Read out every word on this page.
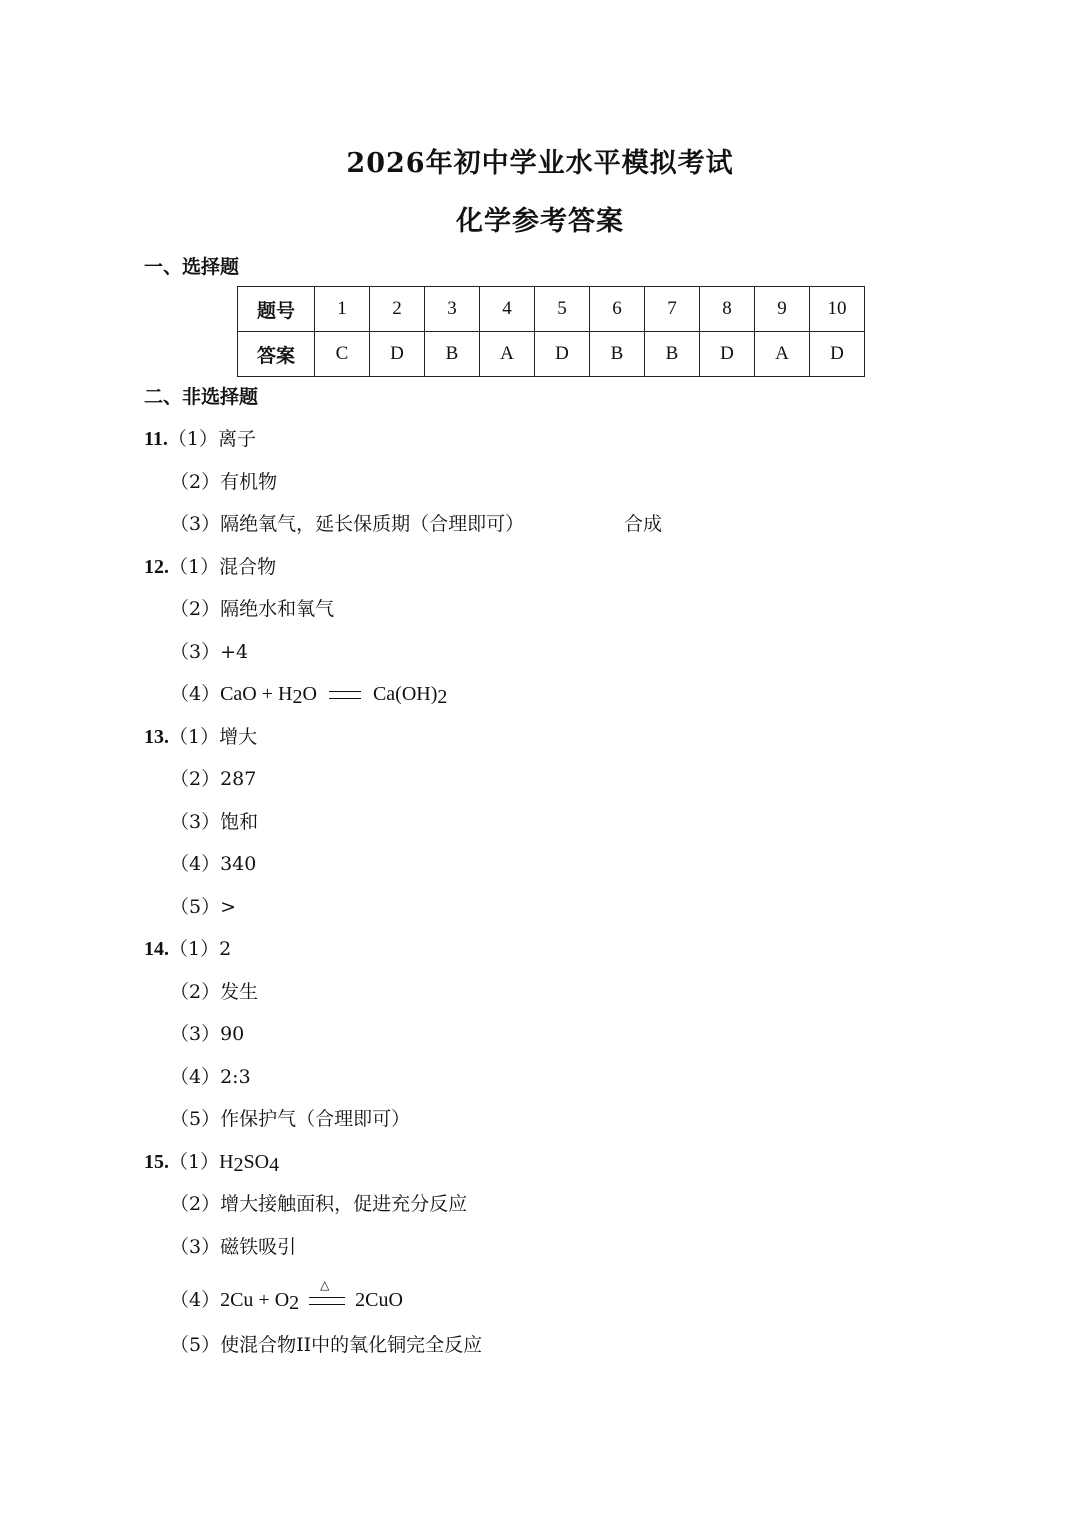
2026年初中学业水平模拟考试
化学参考答案
一、选择题
题号	1	2	3	4	5	6	7	8	9	10
答案	C	D	B	A	D	B	B	D	A	D
二、非选择题
11.（1）离子
（2）有机物
（3）隔绝氧气，延长保质期（合理即可）	合成
12.（1）混合物
（2）隔绝水和氧气
（3）+4
$(4)CaO + H_2O$	$Ca(OH)_2$
13.（1）增大
（2）287
（3）饱和
（4）340
（5）>
14.（1）2
（2）发生
（3）90
（4）2:3
（5）作保护气（合理即可）
$15.(1)H_2SO_4$
（2）增大接触面积，促进充分反应
（3）磁铁吸引
$(4)2Cu + O_2$
△
2CuO
（5）使混合物II中的氧化铜完全反应
